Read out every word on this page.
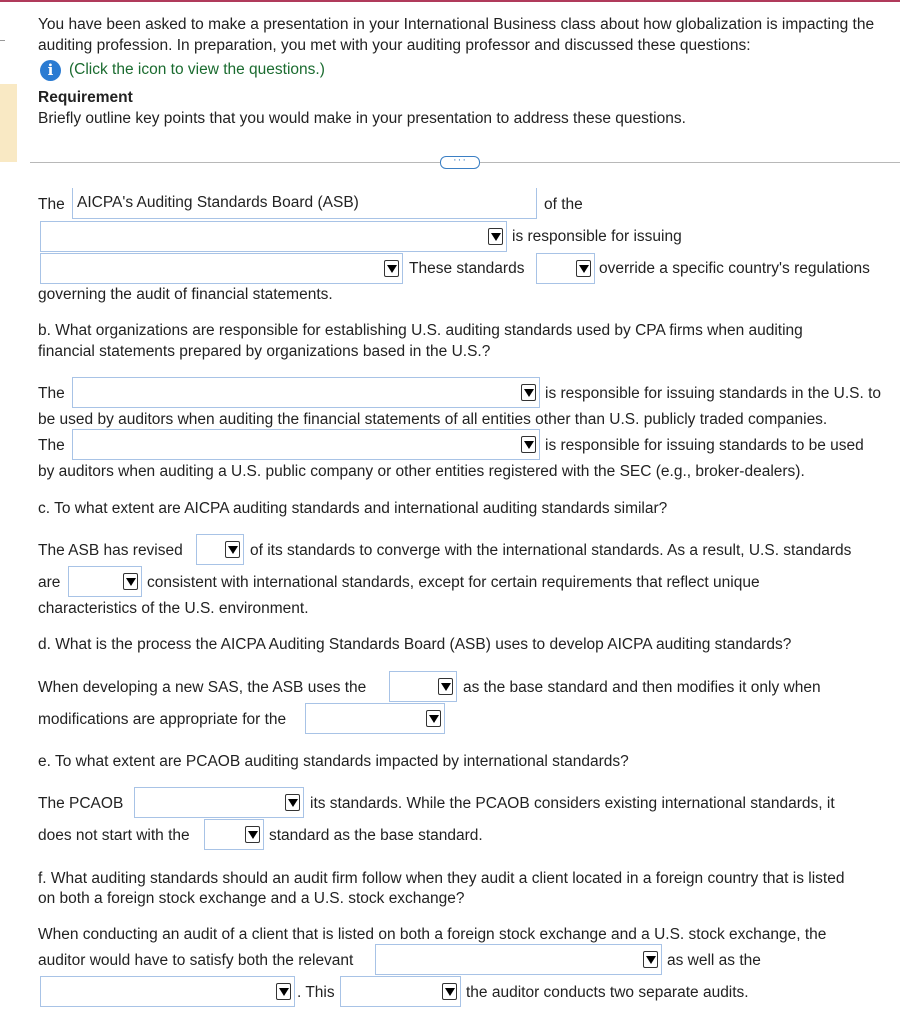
You have been asked to make a presentation in your International Business class about how globalization is impacting the
auditing profession. In preparation, you met with your auditing professor and discussed these questions:
i	(Click the icon to view the questions.)
Requirement
Briefly outline key points that you would make in your presentation to address these questions.
···
The AICPA's Auditing Standards Board (ASB)	of the
is responsible for issuing
These standards	override a specific country's regulations
governing the audit of financial statements.
b. What organizations are responsible for establishing U.S. auditing standards used by CPA firms when auditing
financial statements prepared by organizations based in the U.S.?
The	is responsible for issuing standards in the U.S. to
be used by auditors when auditing the financial statements of all entities other than U.S. publicly traded companies.
The	is responsible for issuing standards to be used
by auditors when auditing a U.S. public company or other entities registered with the SEC (e.g., broker-dealers).
c. To what extent are AICPA auditing standards and international auditing standards similar?
The ASB has revised	of its standards to converge with the international standards. As a result, U.S. standards
are	consistent with international standards, except for certain requirements that reflect unique
characteristics of the U.S. environment.
d. What is the process the AICPA Auditing Standards Board (ASB) uses to develop AICPA auditing standards?
When developing a new SAS, the ASB uses the	as the base standard and then modifies it only when
modifications are appropriate for the
e. To what extent are PCAOB auditing standards impacted by international standards?
The PCAOB	its standards. While the PCAOB considers existing international standards, it
does not start with the	standard as the base standard.
f. What auditing standards should an audit firm follow when they audit a client located in a foreign country that is listed
on both a foreign stock exchange and a U.S. stock exchange?
When conducting an audit of a client that is listed on both a foreign stock exchange and a U.S. stock exchange, the
auditor would have to satisfy both the relevant	as well as the
. This	the auditor conducts two separate audits.
